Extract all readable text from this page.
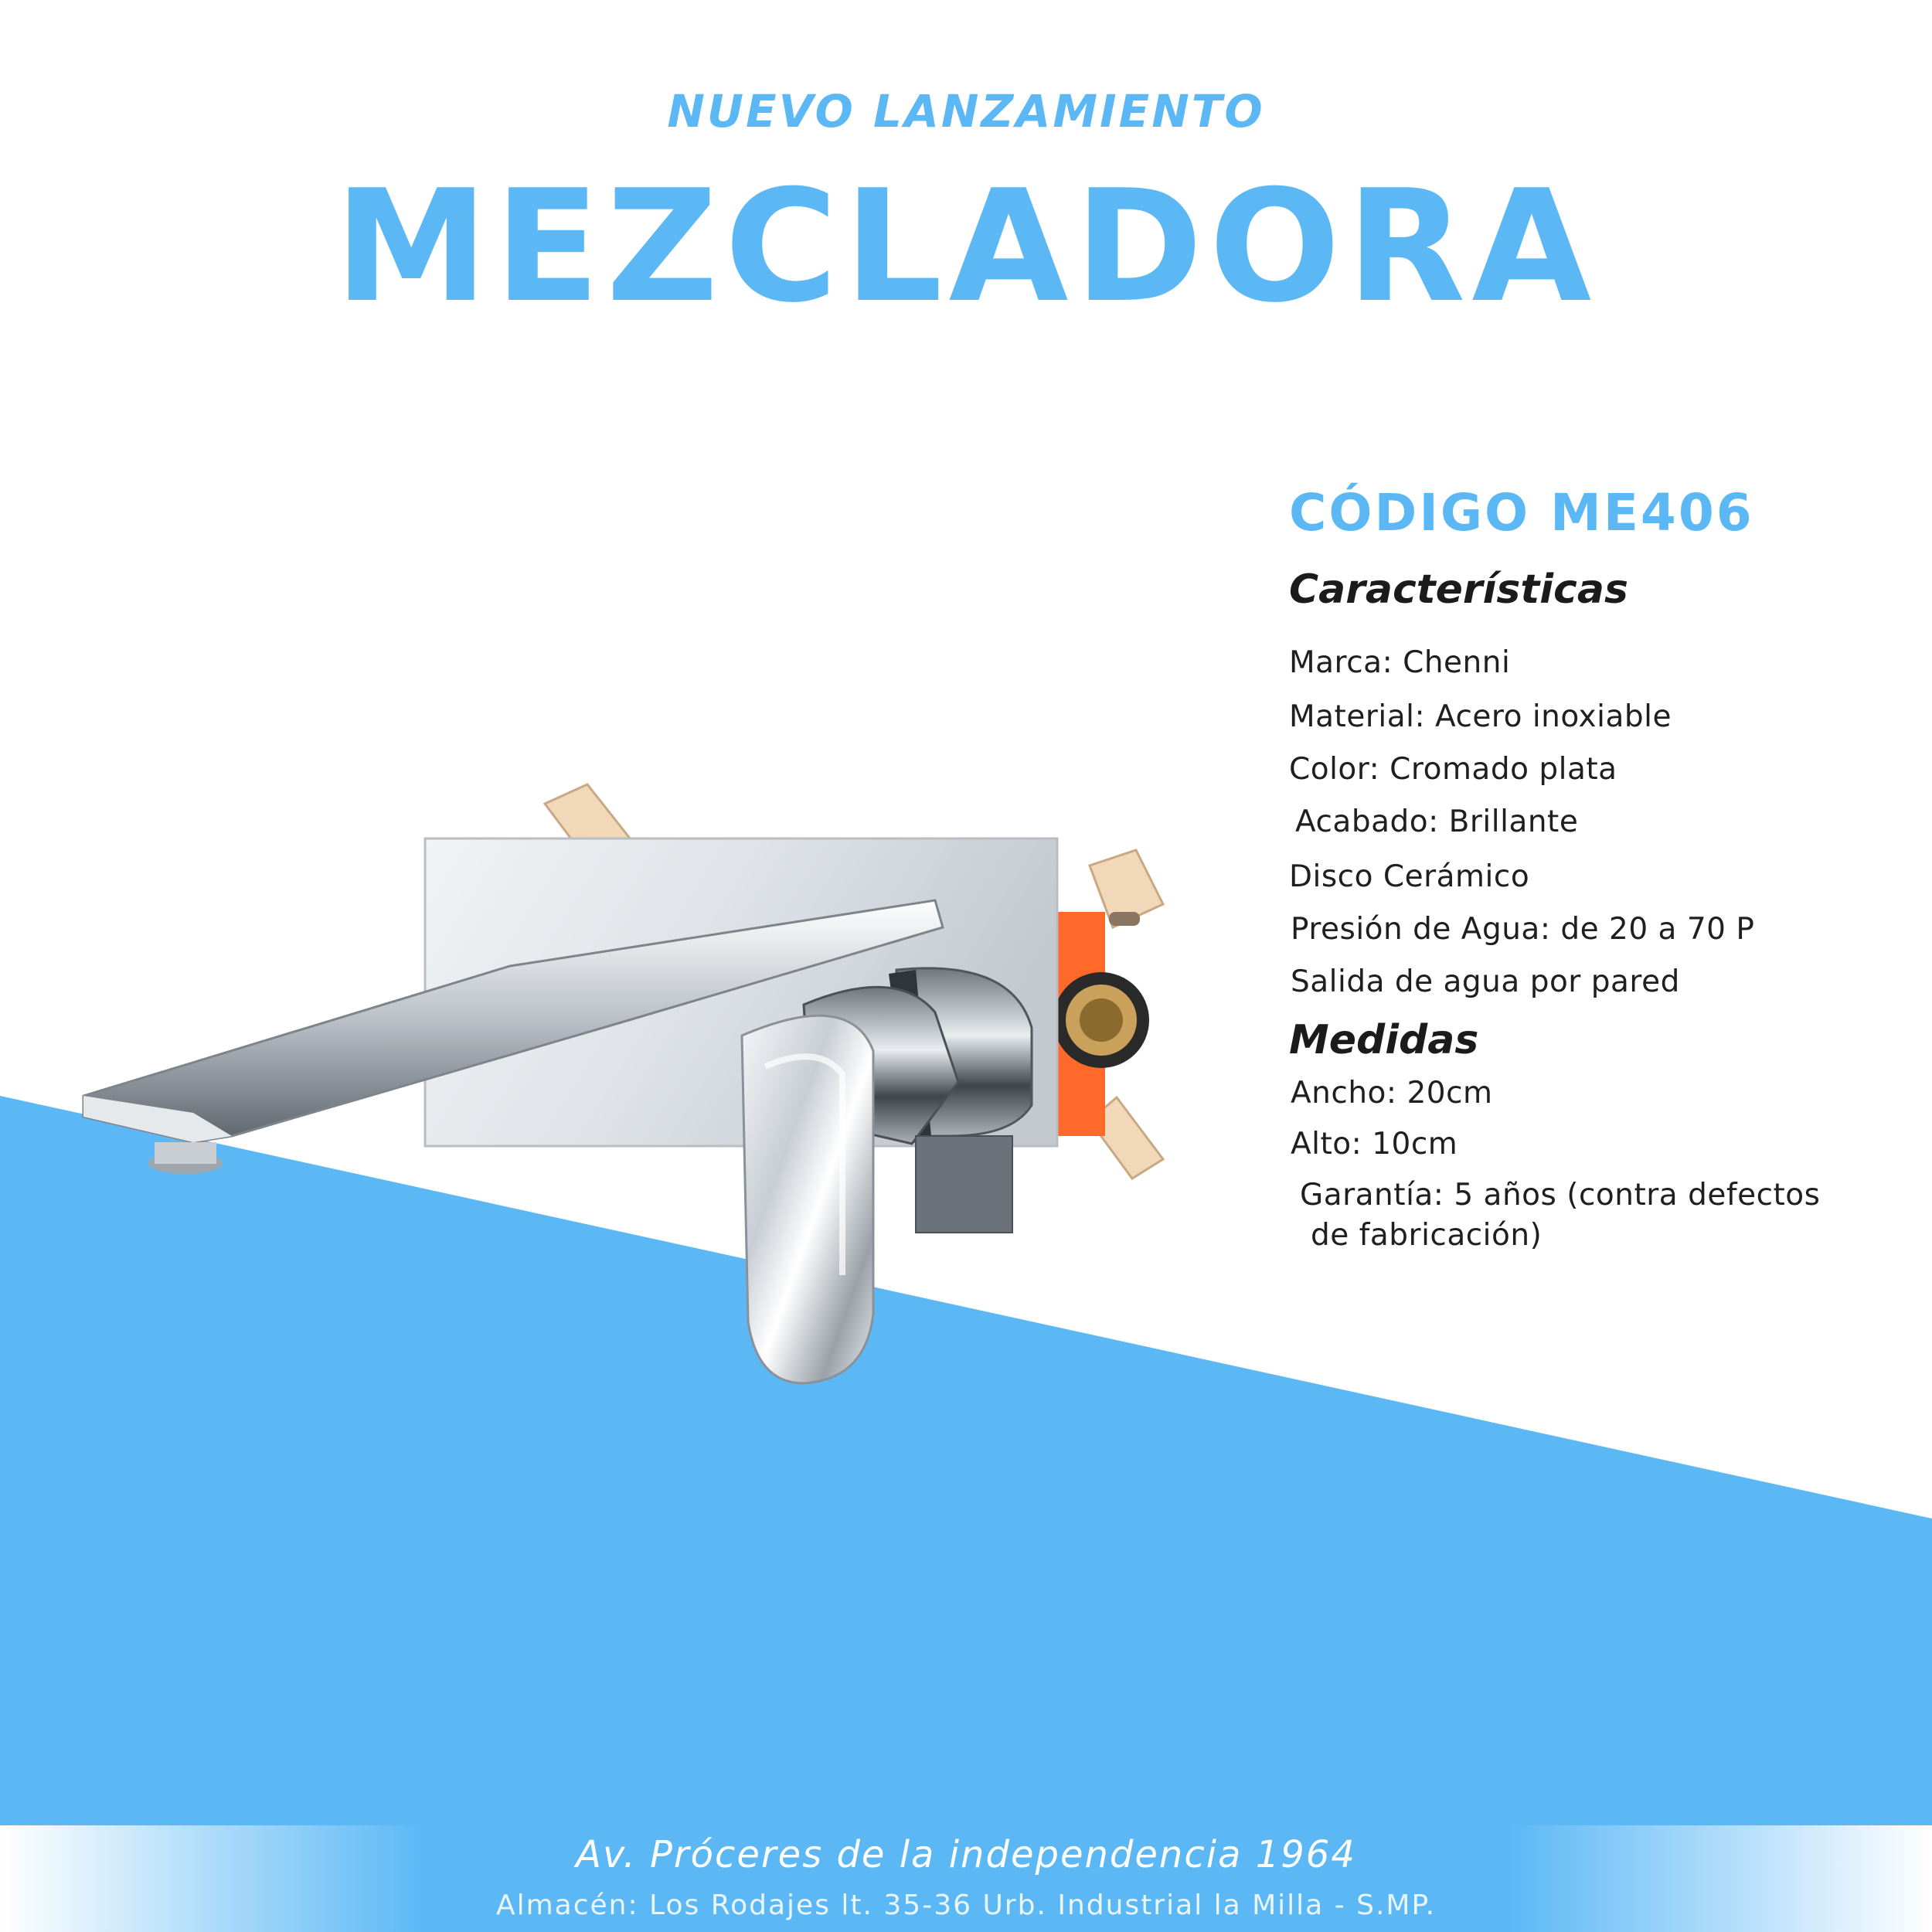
NUEVO LANZAMIENTO
MEZCLADORA
CÓDIGO ME406
Características
Marca: Chenni
Material: Acero inoxiable
Color: Cromado plata
Acabado: Brillante
Disco Cerámico
Presión de Agua: de 20 a 70 P
Salida de agua por pared
Medidas
Ancho: 20cm
Alto: 10cm
Garantía: 5 años (contra defectos
de fabricación)
Av. Próceres de la independencia 1964
Almacén: Los Rodajes lt. 35-36 Urb. Industrial la Milla - S.MP.
